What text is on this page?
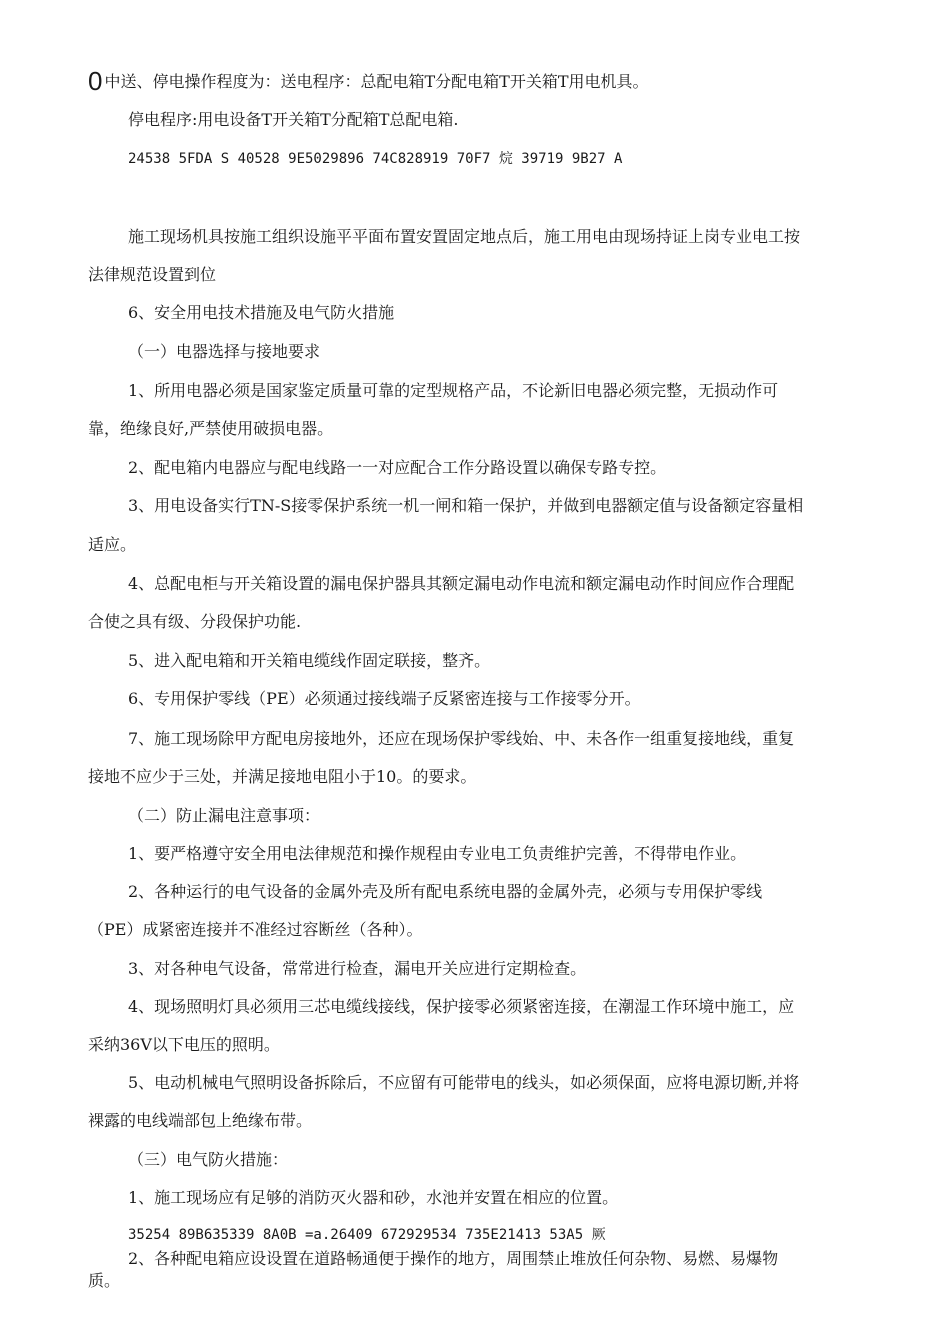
0 中送、停电操作程度为：送电程序：总配电箱T分配电箱T开关箱T用电机具。
停电程序:用电设备T开关箱T分配箱T总配电箱.
24538 5FDA S 40528 9E5029896 74C828919 70F7 烷 39719 9B27 A
施工现场机具按施工组织设施平平面布置安置固定地点后，施工用电由现场持证上岗专业电工按
法律规范设置到位
6、安全用电技术措施及电气防火措施
（一）电器选择与接地要求
1、所用电器必须是国家鉴定质量可靠的定型规格产品，不论新旧电器必须完整，无损动作可
靠，绝缘良好,严禁使用破损电器。
2、配电箱内电器应与配电线路一一对应配合工作分路设置以确保专路专控。
3、用电设备实行TN-S接零保护系统一机一闸和箱一保护，并做到电器额定值与设备额定容量相
适应。
4、总配电柜与开关箱设置的漏电保护器具其额定漏电动作电流和额定漏电动作时间应作合理配
合使之具有级、分段保护功能.
5、进入配电箱和开关箱电缆线作固定联接，整齐。
6、专用保护零线（PE）必须通过接线端子反紧密连接与工作接零分开。
7、施工现场除甲方配电房接地外，还应在现场保护零线始、中、未各作一组重复接地线，重复
接地不应少于三处，并满足接地电阻小于10。的要求。
（二）防止漏电注意事项：
1、要严格遵守安全用电法律规范和操作规程由专业电工负责维护完善，不得带电作业。
2、各种运行的电气设备的金属外壳及所有配电系统电器的金属外壳，必须与专用保护零线
（PE）成紧密连接并不准经过容断丝（各种）。
3、对各种电气设备，常常进行检查，漏电开关应进行定期检查。
4、现场照明灯具必须用三芯电缆线接线，保护接零必须紧密连接，在潮湿工作环境中施工，应
采纳36V以下电压的照明。
5、电动机械电气照明设备拆除后，不应留有可能带电的线头，如必须保面，应将电源切断,并将
裸露的电线端部包上绝缘布带。
（三）电气防火措施：
1、施工现场应有足够的消防灭火器和砂，水池并安置在相应的位置。
35254 89B635339 8A0B =a.26409 672929534 735E21413 53A5 厥
2、各种配电箱应设设置在道路畅通便于操作的地方，周围禁止堆放任何杂物、易燃、易爆物
质。
